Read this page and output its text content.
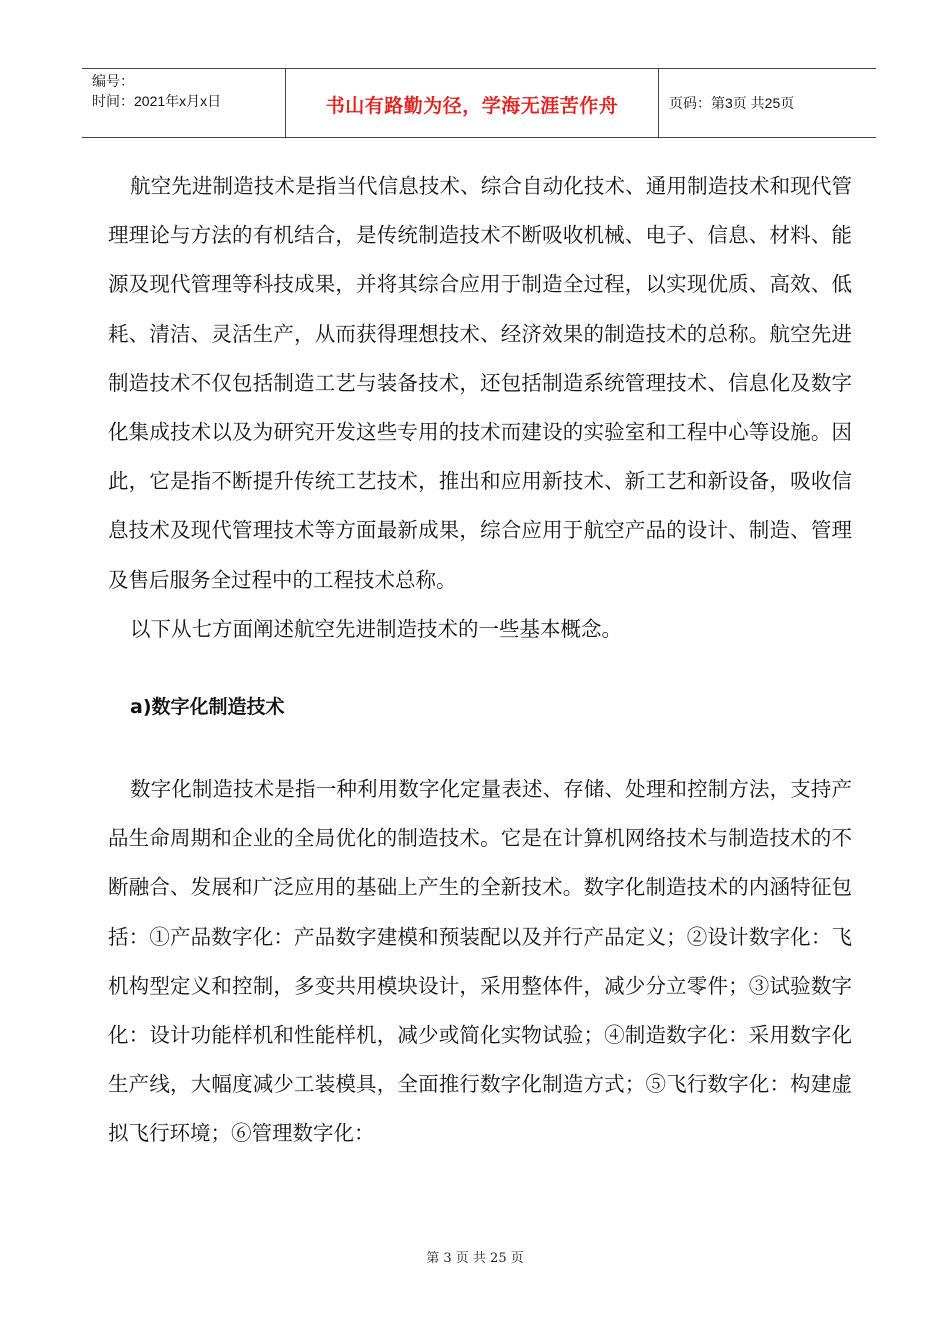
编号：
时间：2021年x月x日	书山有路勤为径，学海无涯苦作舟	页码：第3页 共25页

航空先进制造技术是指当代信息技术、综合自动化技术、通用制造技术和现代管理理论与方法的有机结合，是传统制造技术不断吸收机械、电子、信息、材料、能源及现代管理等科技成果，并将其综合应用于制造全过程，以实现优质、高效、低耗、清洁、灵活生产，从而获得理想技术、经济效果的制造技术的总称。航空先进制造技术不仅包括制造工艺与装备技术，还包括制造系统管理技术、信息化及数字化集成技术以及为研究开发这些专用的技术而建设的实验室和工程中心等设施。因此，它是指不断提升传统工艺技术，推出和应用新技术、新工艺和新设备，吸收信息技术及现代管理技术等方面最新成果，综合应用于航空产品的设计、制造、管理及售后服务全过程中的工程技术总称。

以下从七方面阐述航空先进制造技术的一些基本概念。

a)数字化制造技术

数字化制造技术是指一种利用数字化定量表述、存储、处理和控制方法，支持产品生命周期和企业的全局优化的制造技术。它是在计算机网络技术与制造技术的不断融合、发展和广泛应用的基础上产生的全新技术。数字化制造技术的内涵特征包括：①产品数字化：产品数字建模和预装配以及并行产品定义；②设计数字化：飞机构型定义和控制，多变共用模块设计，采用整体件，减少分立零件；③试验数字化：设计功能样机和性能样机，减少或简化实物试验；④制造数字化：采用数字化生产线，大幅度减少工装模具，全面推行数字化制造方式；⑤飞行数字化：构建虚拟飞行环境；⑥管理数字化：

第 3 页 共 25 页
